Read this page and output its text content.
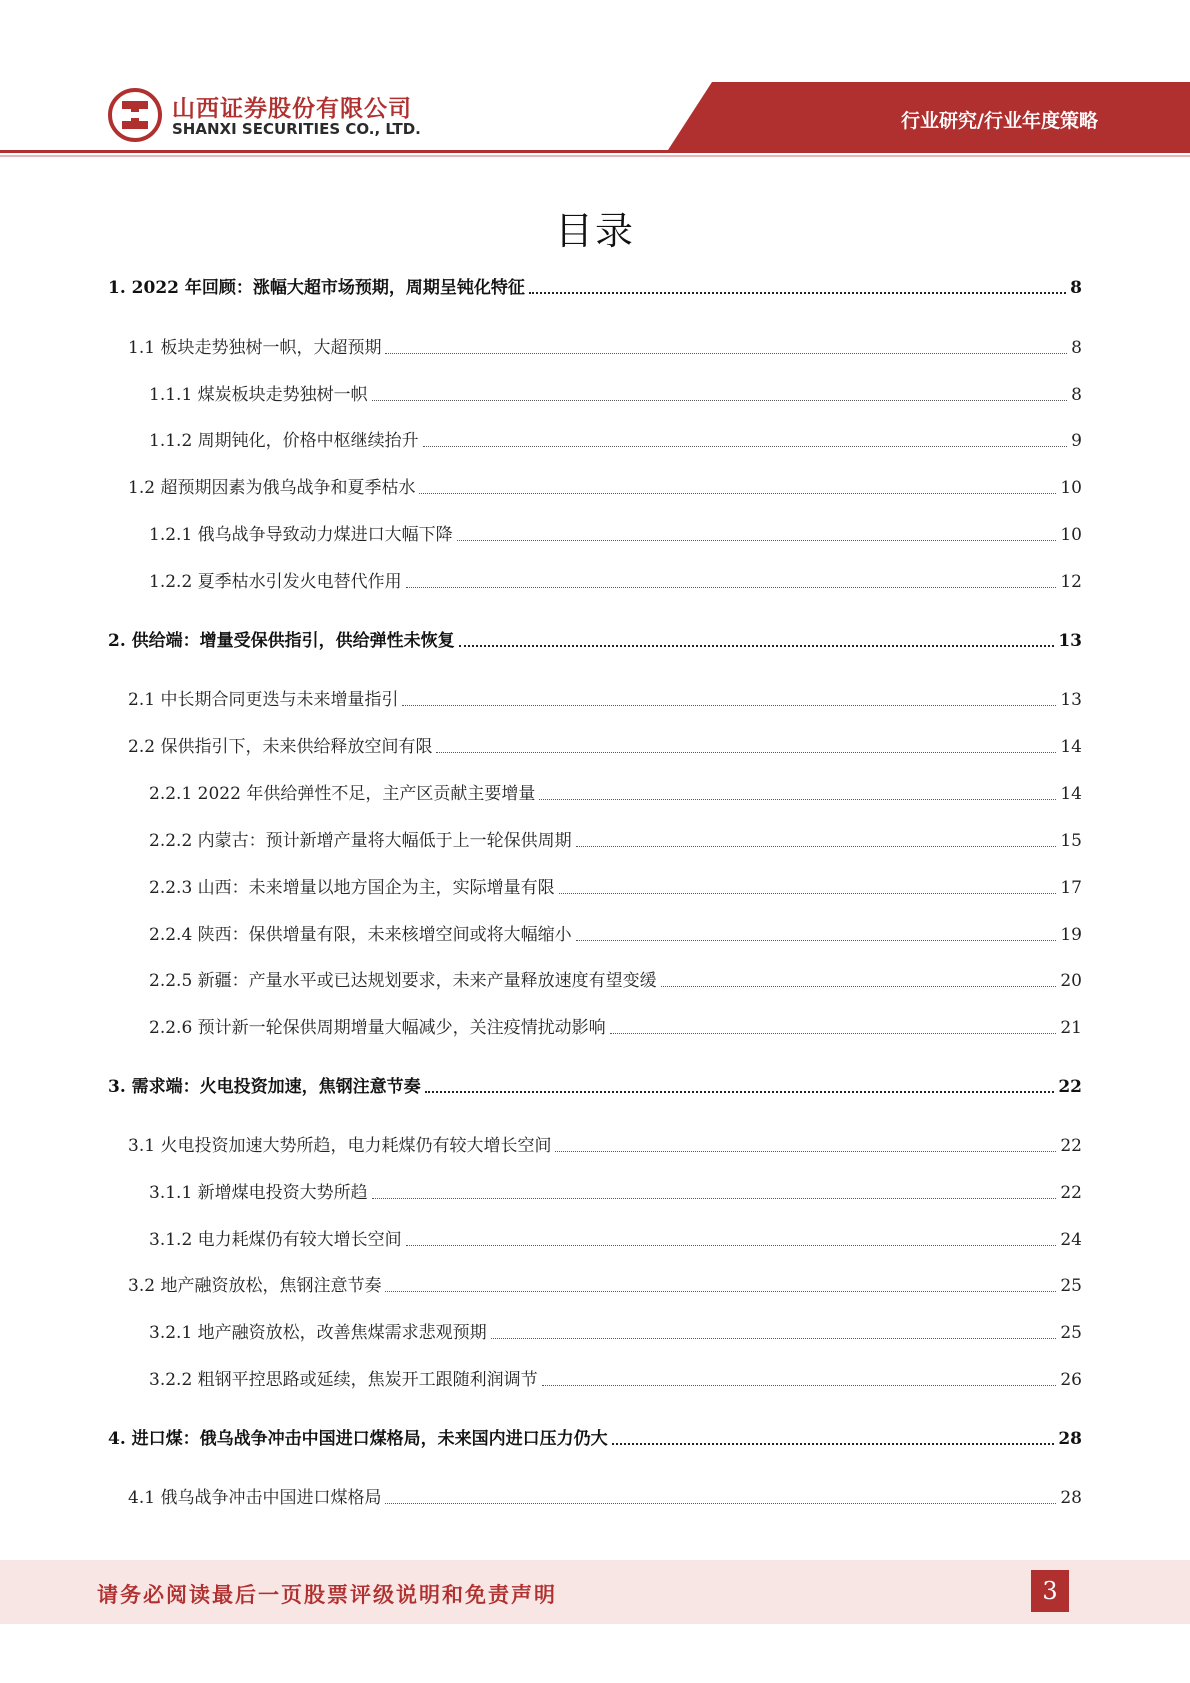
山西证券股份有限公司
SHANXI SECURITIES CO., LTD.	行业研究/行业年度策略
目录
1. 2022 年回顾：涨幅大超市场预期，周期呈钝化特征	8
1.1 板块走势独树一帜，大超预期	8
1.1.1 煤炭板块走势独树一帜	8
1.1.2 周期钝化，价格中枢继续抬升	9
1.2 超预期因素为俄乌战争和夏季枯水	10
1.2.1 俄乌战争导致动力煤进口大幅下降	10
1.2.2 夏季枯水引发火电替代作用	12
2. 供给端：增量受保供指引，供给弹性未恢复	13
2.1 中长期合同更迭与未来增量指引	13
2.2 保供指引下，未来供给释放空间有限	14
2.2.1 2022 年供给弹性不足，主产区贡献主要增量	14
2.2.2 内蒙古：预计新增产量将大幅低于上一轮保供周期	15
2.2.3 山西：未来增量以地方国企为主，实际增量有限	17
2.2.4 陕西：保供增量有限，未来核增空间或将大幅缩小	19
2.2.5 新疆：产量水平或已达规划要求，未来产量释放速度有望变缓	20
2.2.6 预计新一轮保供周期增量大幅减少，关注疫情扰动影响	21
3. 需求端：火电投资加速，焦钢注意节奏	22
3.1 火电投资加速大势所趋，电力耗煤仍有较大增长空间	22
3.1.1 新增煤电投资大势所趋	22
3.1.2 电力耗煤仍有较大增长空间	24
3.2 地产融资放松，焦钢注意节奏	25
3.2.1 地产融资放松，改善焦煤需求悲观预期	25
3.2.2 粗钢平控思路或延续，焦炭开工跟随利润调节	26
4. 进口煤：俄乌战争冲击中国进口煤格局，未来国内进口压力仍大	28
4.1 俄乌战争冲击中国进口煤格局	28
请务必阅读最后一页股票评级说明和免责声明	3
